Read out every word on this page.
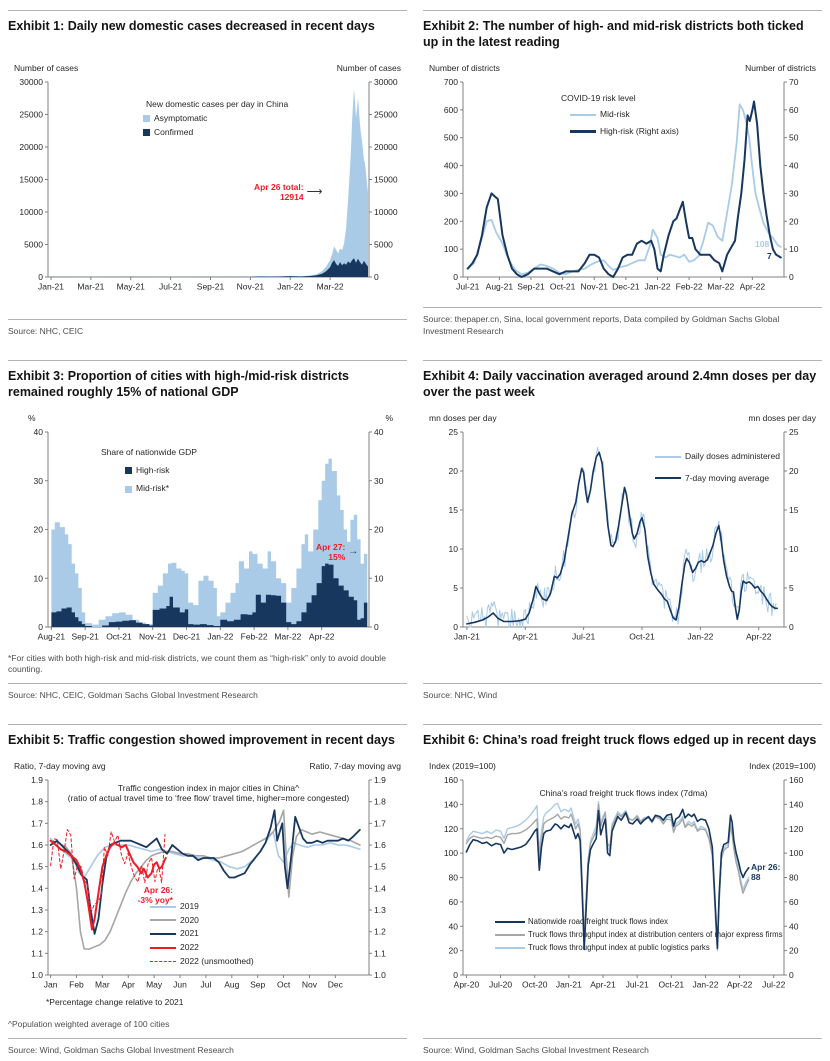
Exhibit 1: Daily new domestic cases decreased in recent days
Number of cases	Number of cases
Jan-21 Mar-21 May-21 Jul-21 Sep-21 Nov-21 Jan-22 Mar-22
0
5000
10000
15000
20000
25000
30000
0
5000
10000
15000
20000
25000
30000
New domestic cases per day in China
Asymptomatic
Confirmed
Apr 26 total:
12914 ⟶
Source: NHC, CEIC
Exhibit 2: The number of high- and mid-risk districts both ticked up in the latest reading
Number of districts	Number of districts
Jul-21 Aug-21 Sep-21 Oct-21 Nov-21 Dec-21 Jan-22 Feb-22 Mar-22 Apr-22
0
100
200
300
400
500
600
700
0
10
20
30
40
50
60
70
COVID-19 risk level
Mid-risk
High-risk (Right axis)
108
7
Source: thepaper.cn, Sina, local government reports, Data compiled by Goldman Sachs Global Investment Research
Exhibit 3: Proportion of cities with high-/mid-risk districts remained roughly 15% of national GDP
%	%
Aug-21 Sep-21 Oct-21 Nov-21 Dec-21 Jan-22 Feb-22 Mar-22 Apr-22
0
10
20
30
40
0
10
20
30
40
Share of nationwide GDP
High-risk
Mid-risk*
Apr 27:
15% →
*For cities with both high-risk and mid-risk districts, we count them as “high-risk” only to avoid double counting.
Source: NHC, CEIC, Goldman Sachs Global Investment Research
Exhibit 4: Daily vaccination averaged around 2.4mn doses per day over the past week
mn doses per day	mn doses per day
Jan-21	Apr-21	Jul-21	Oct-21	Jan-22	Apr-22
0
5
10
15
20
25
0
5
10
15
20
25
Daily doses administered
7-day moving average
Source: NHC, Wind
Exhibit 5: Traffic congestion showed improvement in recent days
Ratio, 7-day moving avg	Ratio, 7-day moving avg
Jan Feb Mar Apr May Jun Jul Aug Sep Oct Nov Dec
1.0
1.1
1.2
1.3
1.4
1.5
1.6
1.7
1.8
1.9
1.0
1.1
1.2
1.3
1.4
1.5
1.6
1.7
1.8
1.9
Traffic congestion index in major cities in China^
(ratio of actual travel time to ‘free flow’ travel time, higher=more congested)
Apr 26:
-3% yoy*
2019
2020
2021
2022
2022 (unsmoothed)
*Percentage change relative to 2021
^Population weighted average of 100 cities
Source: Wind, Goldman Sachs Global Investment Research
Exhibit 6: China’s road freight truck flows edged up in recent days
Index (2019=100)	Index (2019=100)
Apr-20 Jul-20 Oct-20 Jan-21 Apr-21 Jul-21 Oct-21 Jan-22 Apr-22 Jul-22
0
20
40
60
80
100
120
140
160
0
20
40
60
80
100
120
140
160
China’s road freight truck flows index (7dma)
Nationwide road freight truck flows index
Truck flows throughput index at distribution centers of major express firms
Truck flows throughput index at public logistics parks
Apr 26:
88
Source: Wind, Goldman Sachs Global Investment Research
